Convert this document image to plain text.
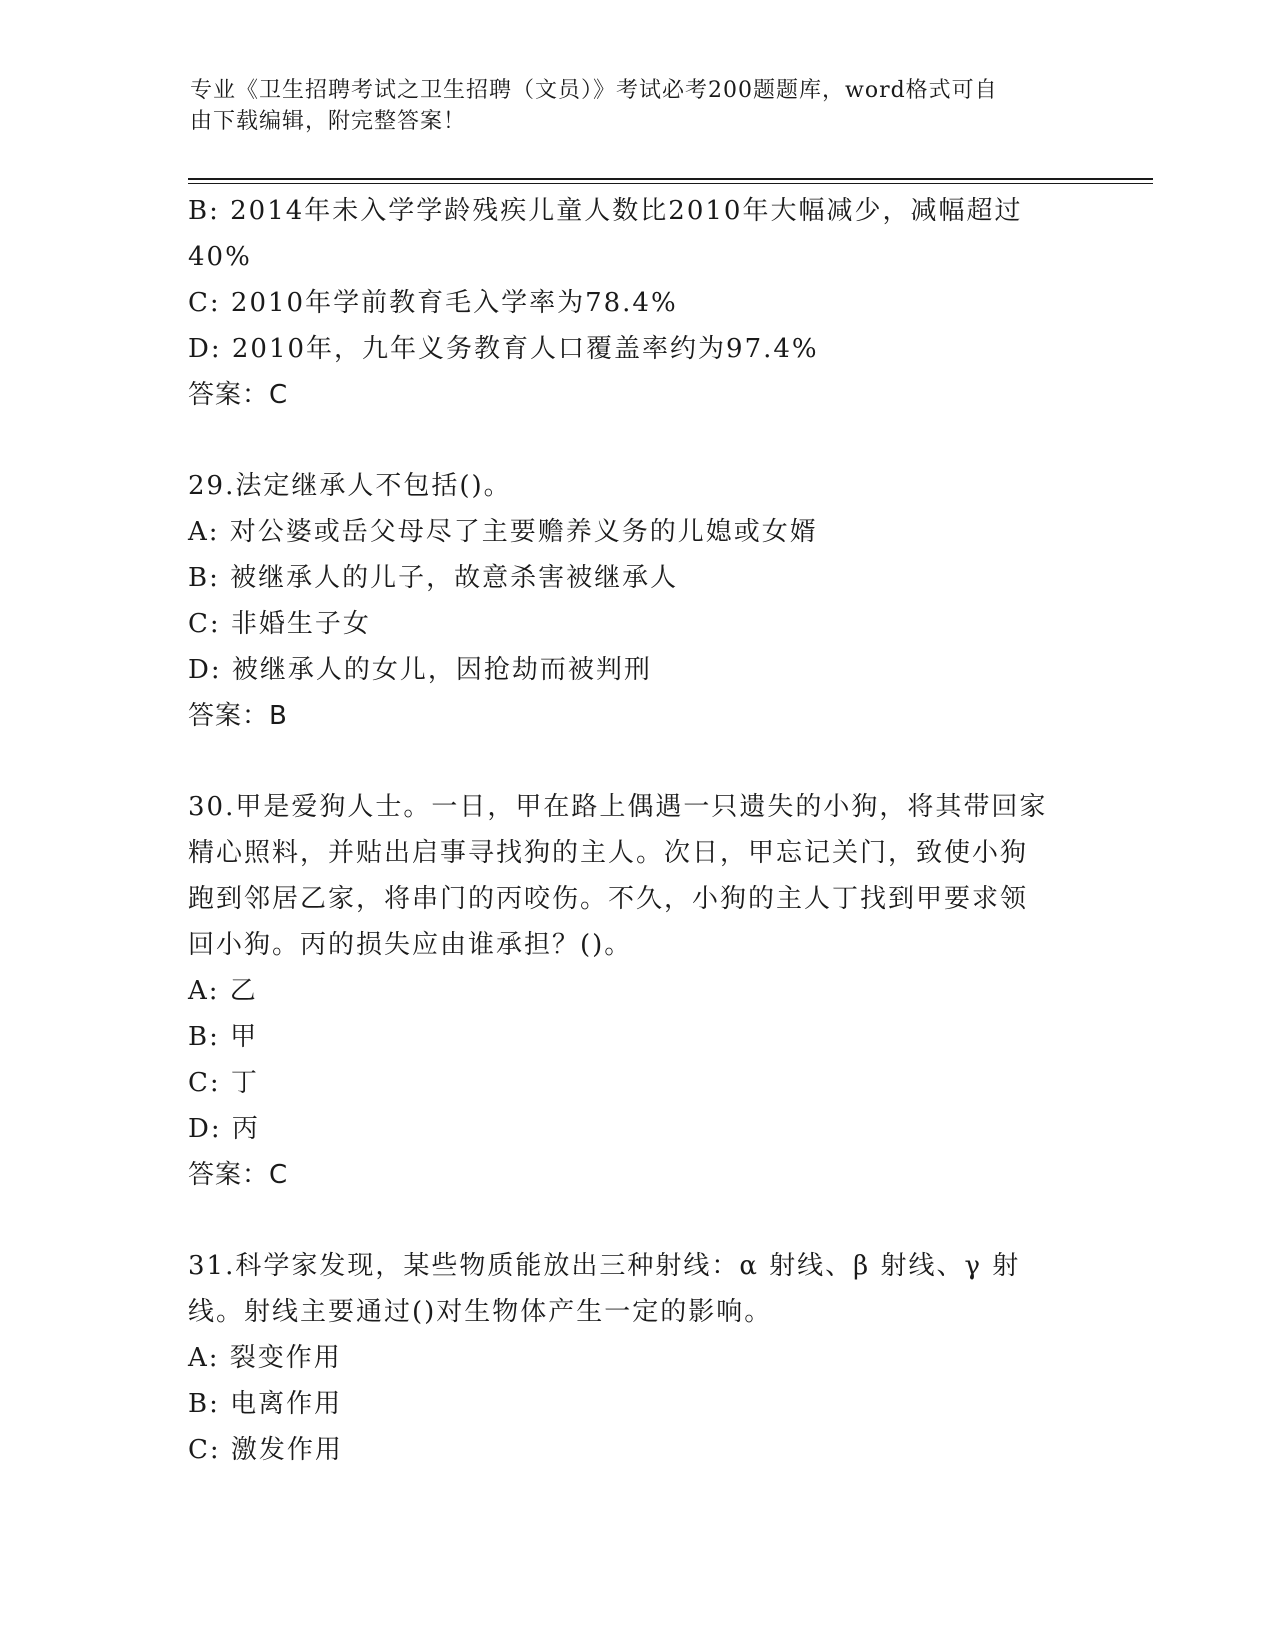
专业《卫生招聘考试之卫生招聘（文员）》考试必考200题题库，word格式可自
由下载编辑，附完整答案！
B: 2014年未入学学龄残疾儿童人数比2010年大幅减少，减幅超过
40%
C: 2010年学前教育毛入学率为78.4%
D: 2010年，九年义务教育人口覆盖率约为97.4%
答案：C
29.法定继承人不包括()。
A: 对公婆或岳父母尽了主要赡养义务的儿媳或女婿
B: 被继承人的儿子，故意杀害被继承人
C: 非婚生子女
D: 被继承人的女儿，因抢劫而被判刑
答案：B
30.甲是爱狗人士。一日，甲在路上偶遇一只遗失的小狗，将其带回家
精心照料，并贴出启事寻找狗的主人。次日，甲忘记关门，致使小狗
跑到邻居乙家，将串门的丙咬伤。不久，小狗的主人丁找到甲要求领
回小狗。丙的损失应由谁承担？()。
A: 乙
B: 甲
C: 丁
D: 丙
答案：C
31.科学家发现，某些物质能放出三种射线：α 射线、β 射线、γ 射
线。射线主要通过()对生物体产生一定的影响。
A: 裂变作用
B: 电离作用
C: 激发作用
